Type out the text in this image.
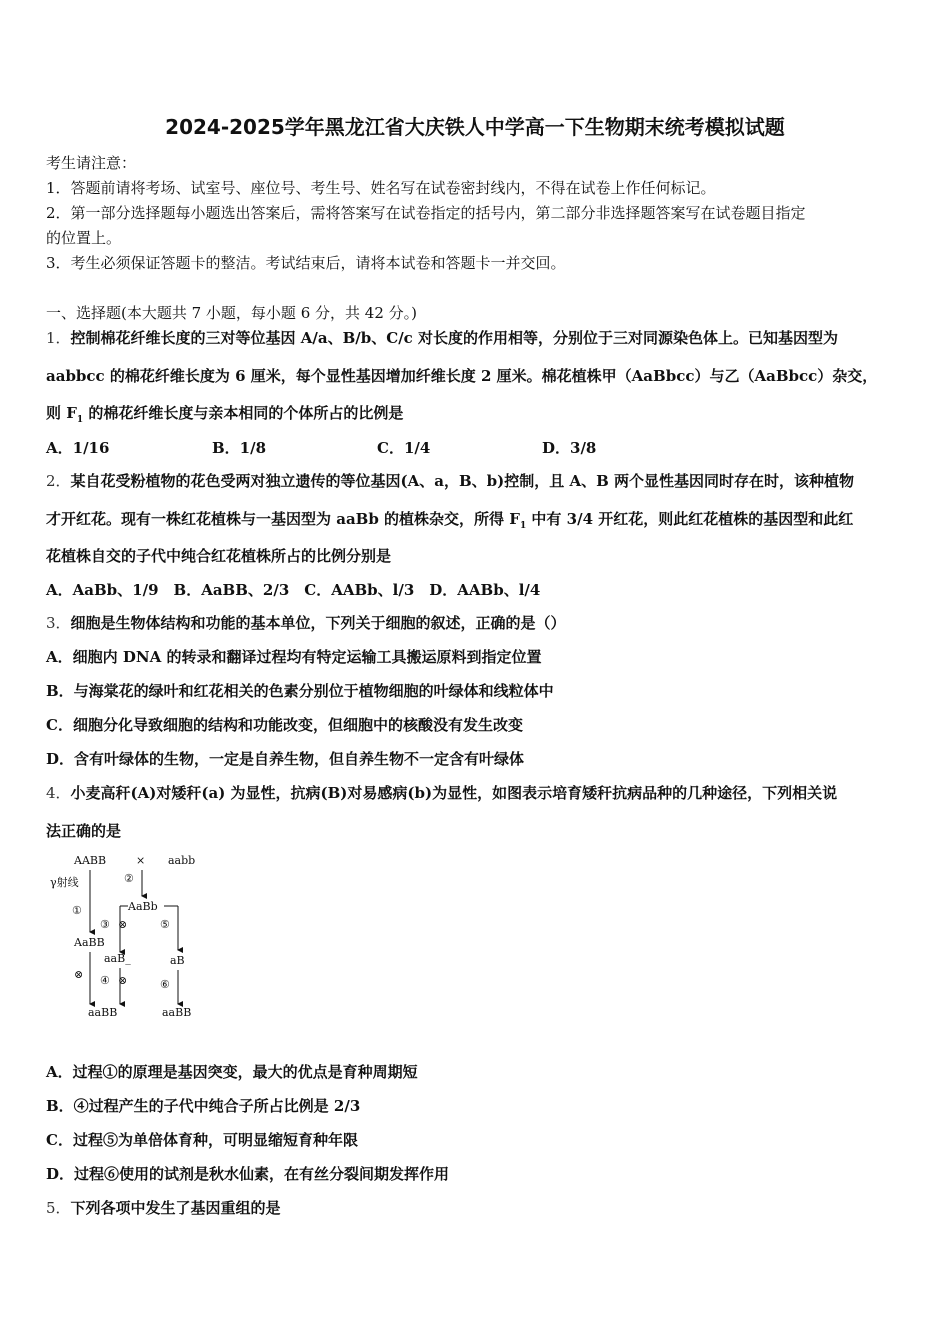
2024-2025学年黑龙江省大庆铁人中学高一下生物期末统考模拟试题
考生请注意：
1．答题前请将考场、试室号、座位号、考生号、姓名写在试卷密封线内，不得在试卷上作任何标记。
2．第一部分选择题每小题选出答案后，需将答案写在试卷指定的括号内，第二部分非选择题答案写在试卷题目指定
的位置上。
3．考生必须保证答题卡的整洁。考试结束后，请将本试卷和答题卡一并交回。
一、选择题(本大题共 7 小题，每小题 6 分，共 42 分。)
1．控制棉花纤维长度的三对等位基因 A/a、B/b、C/c 对长度的作用相等，分别位于三对同源染色体上。已知基因型为
aabbcc 的棉花纤维长度为 6 厘米，每个显性基因增加纤维长度 2 厘米。棉花植株甲（AaBbcc）与乙（AaBbcc）杂交，
则 $F_1$ 的棉花纤维长度与亲本相同的个体所占的比例是
A．1/16	B．1/8	C．1/4	D．3/8
2．某自花受粉植物的花色受两对独立遗传的等位基因(A、a，B、b)控制，且 A、B 两个显性基因同时存在时，该种植物
才开红花。现有一株红花植株与一基因型为 aaBb 的植株杂交，所得 $F_1$ 中有 3/4 开红花，则此红花植株的基因型和此红
花植株自交的子代中纯合红花植株所占的比例分别是
A．AaBb、1/9　B．AaBB、2/3　C．AABb、l/3　D．AABb、l/4
3．细胞是生物体结构和功能的基本单位，下列关于细胞的叙述，正确的是（）
A．细胞内 DNA 的转录和翻译过程均有特定运输工具搬运原料到指定位置
B．与海棠花的绿叶和红花相关的色素分别位于植物细胞的叶绿体和线粒体中
C．细胞分化导致细胞的结构和功能改变，但细胞中的核酸没有发生改变
D．含有叶绿体的生物，一定是自养生物，但自养生物不一定含有叶绿体
4．小麦高秆(A)对矮秆(a) 为显性，抗病(B)对易感病(b)为显性，如图表示培育矮秆抗病品种的几种途径，下列相关说
法正确的是
AABB	× aabb
γ射线
①
②
AaBb
③ ⊗	⑤
AaBB
aaB_	aB
⊗ ④ ⊗	⑥
aaBB	aaBB
A．过程①的原理是基因突变，最大的优点是育种周期短
B．④过程产生的子代中纯合子所占比例是 2/3
C．过程⑤为单倍体育种，可明显缩短育种年限
D．过程⑥使用的试剂是秋水仙素，在有丝分裂间期发挥作用
5．下列各项中发生了基因重组的是
